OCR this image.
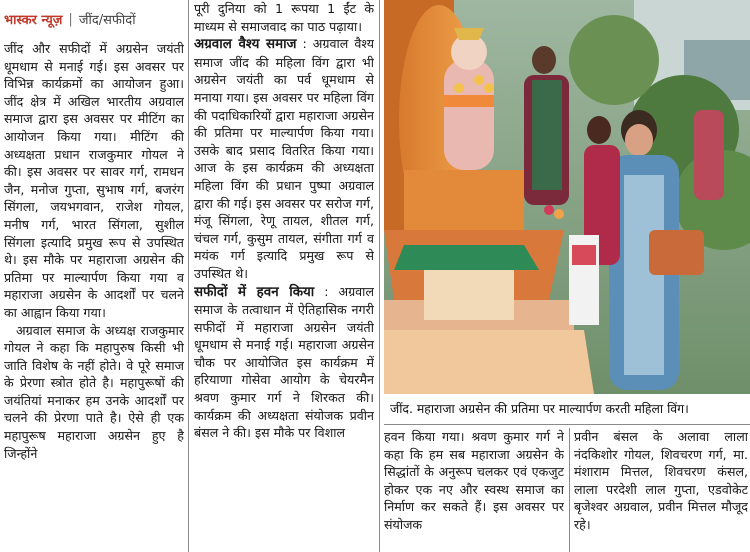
भास्कर न्यूज़ | जींद/सफीदों

जींद और सफीदों में अग्रसेन जयंती धूमधाम से मनाई गई। इस अवसर पर विभिन्न कार्यक्रमों का आयोजन हुआ। जींद क्षेत्र में अखिल भारतीय अग्रवाल समाज द्वारा इस अवसर पर मीटिंग का आयोजन किया गया। मीटिंग की अध्यक्षता प्रधान राजकुमार गोयल ने की। इस अवसर पर सावर गर्ग, रामधन जैन, मनोज गुप्ता, सुभाष गर्ग, बजरंग सिंगला, जयभगवान, राजेश गोयल, मनीष गर्ग, भारत सिंगला, सुशील सिंगला इत्यादि प्रमुख रूप से उपस्थित थे। इस मौके पर महाराजा अग्रसेन की प्रतिमा पर माल्यार्पण किया गया व महाराजा अग्रसेन के आदर्शों पर चलने का आह्वान किया गया।

अग्रवाल समाज के अध्यक्ष राजकुमार गोयल ने कहा कि महापुरुष किसी भी जाति विशेष के नहीं होते। वे पूरे समाज के प्रेरणा स्त्रोत होते है। महापुरूषों की जयंतियां मनाकर हम उनके आदर्शों पर चलने की प्रेरणा पाते है। ऐसे ही एक महापुरूष महाराजा अग्रसेन हुए है जिन्होंने

पूरी दुनिया को 1 रूपया 1 ईंट के माध्यम से समाजवाद का पाठ पढ़ाया।

अग्रवाल वैश्य समाज : अग्रवाल वैश्य समाज जींद की महिला विंग द्वारा भी अग्रसेन जयंती का पर्व धूमधाम से मनाया गया। इस अवसर पर महिला विंग की पदाधिकारियों द्वारा महाराजा अग्रसेन की प्रतिमा पर माल्यार्पण किया गया। उसके बाद प्रसाद वितरित किया गया। आज के इस कार्यक्रम की अध्यक्षता महिला विंग की प्रधान पुष्पा अग्रवाल द्वारा की गई। इस अवसर पर सरोज गर्ग, मंजू सिंगला, रेणू तायल, शीतल गर्ग, चंचल गर्ग, कुसुम तायल, संगीता गर्ग व मयंक गर्ग इत्यादि प्रमुख रूप से उपस्थित थे।

सफीदों में हवन किया : अग्रवाल समाज के तत्वाधान में ऐतिहासिक नगरी सफीदों में महाराजा अग्रसेन जयंती धूमधाम से मनाई गई। महाराजा अग्रसेन चौक पर आयोजित इस कार्यक्रम में हरियाणा गोसेवा आयोग के चेयरमैन श्रवण कुमार गर्ग ने शिरकत की। कार्यक्रम की अध्यक्षता संयोजक प्रवीन बंसल ने की। इस मौके पर विशाल

जींद. महाराजा अग्रसेन की प्रतिमा पर माल्यार्पण करती महिला विंग।

हवन किया गया। श्रवण कुमार गर्ग ने कहा कि हम सब महाराजा अग्रसेन के सिद्धांतों के अनुरूप चलकर एवं एकजुट होकर एक नए और स्वस्थ समाज का निर्माण कर सकते हैं। इस अवसर पर संयोजक

प्रवीन बंसल के अलावा लाला नंदकिशोर गोयल, शिवचरण गर्ग, मा. मंशाराम मित्तल, शिवचरण कंसल, लाला परदेशी लाल गुप्ता, एडवोकेट बृजेश्वर अग्रवाल, प्रवीन मित्तल मौजूद रहे।
